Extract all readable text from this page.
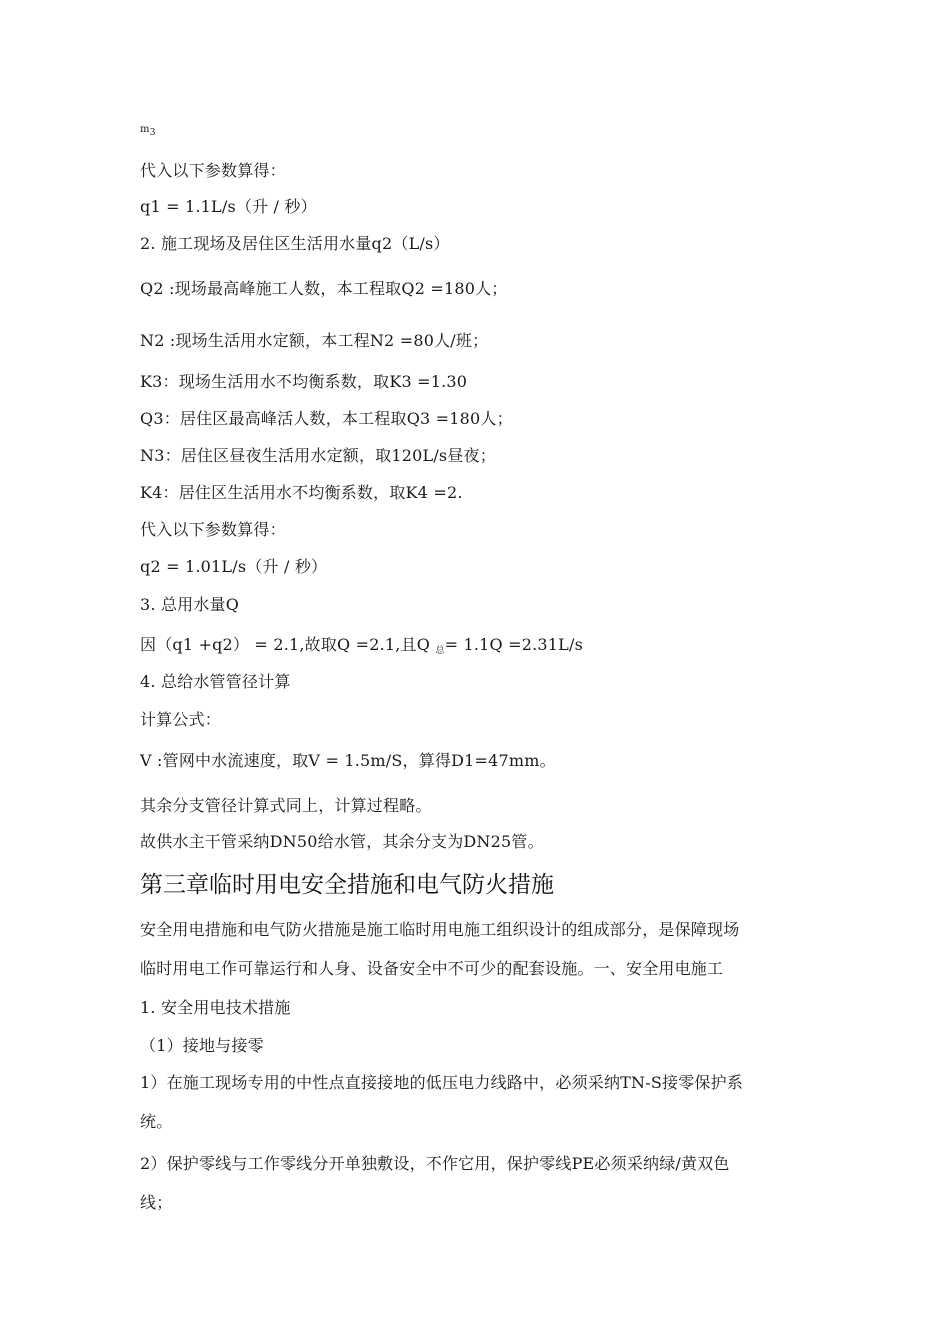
m3
代入以下参数算得：
q1 = 1.1L/s（升 / 秒）
2. 施工现场及居住区生活用水量q2（L/s）
Q2 :现场最高峰施工人数，本工程取Q2 =180人；
N2 :现场生活用水定额，本工程N2 =80人/班；
K3：现场生活用水不均衡系数，取K3 =1.30
Q3：居住区最高峰活人数，本工程取Q3 =180人；
N3：居住区昼夜生活用水定额，取120L/s昼夜；
K4：居住区生活用水不均衡系数，取K4 =2.
代入以下参数算得：
q2 = 1.01L/s（升 / 秒）
3. 总用水量Q
因（q1 +q2） = 2.1,故取Q =2.1,且Q 总= 1.1Q =2.31L/s
4. 总给水管管径计算
计算公式：
V :管网中水流速度，取V = 1.5m/S，算得D1=47mm。
其余分支管径计算式同上，计算过程略。
故供水主干管采纳DN50给水管，其余分支为DN25管。
第三章临时用电安全措施和电气防火措施
安全用电措施和电气防火措施是施工临时用电施工组织设计的组成部分，是保障现场
临时用电工作可靠运行和人身、设备安全中不可少的配套设施。一、安全用电施工
1. 安全用电技术措施
（1）接地与接零
1）在施工现场专用的中性点直接接地的低压电力线路中，必须采纳TN-S接零保护系
统。
2）保护零线与工作零线分开单独敷设，不作它用，保护零线PE必须采纳绿/黄双色
线；
